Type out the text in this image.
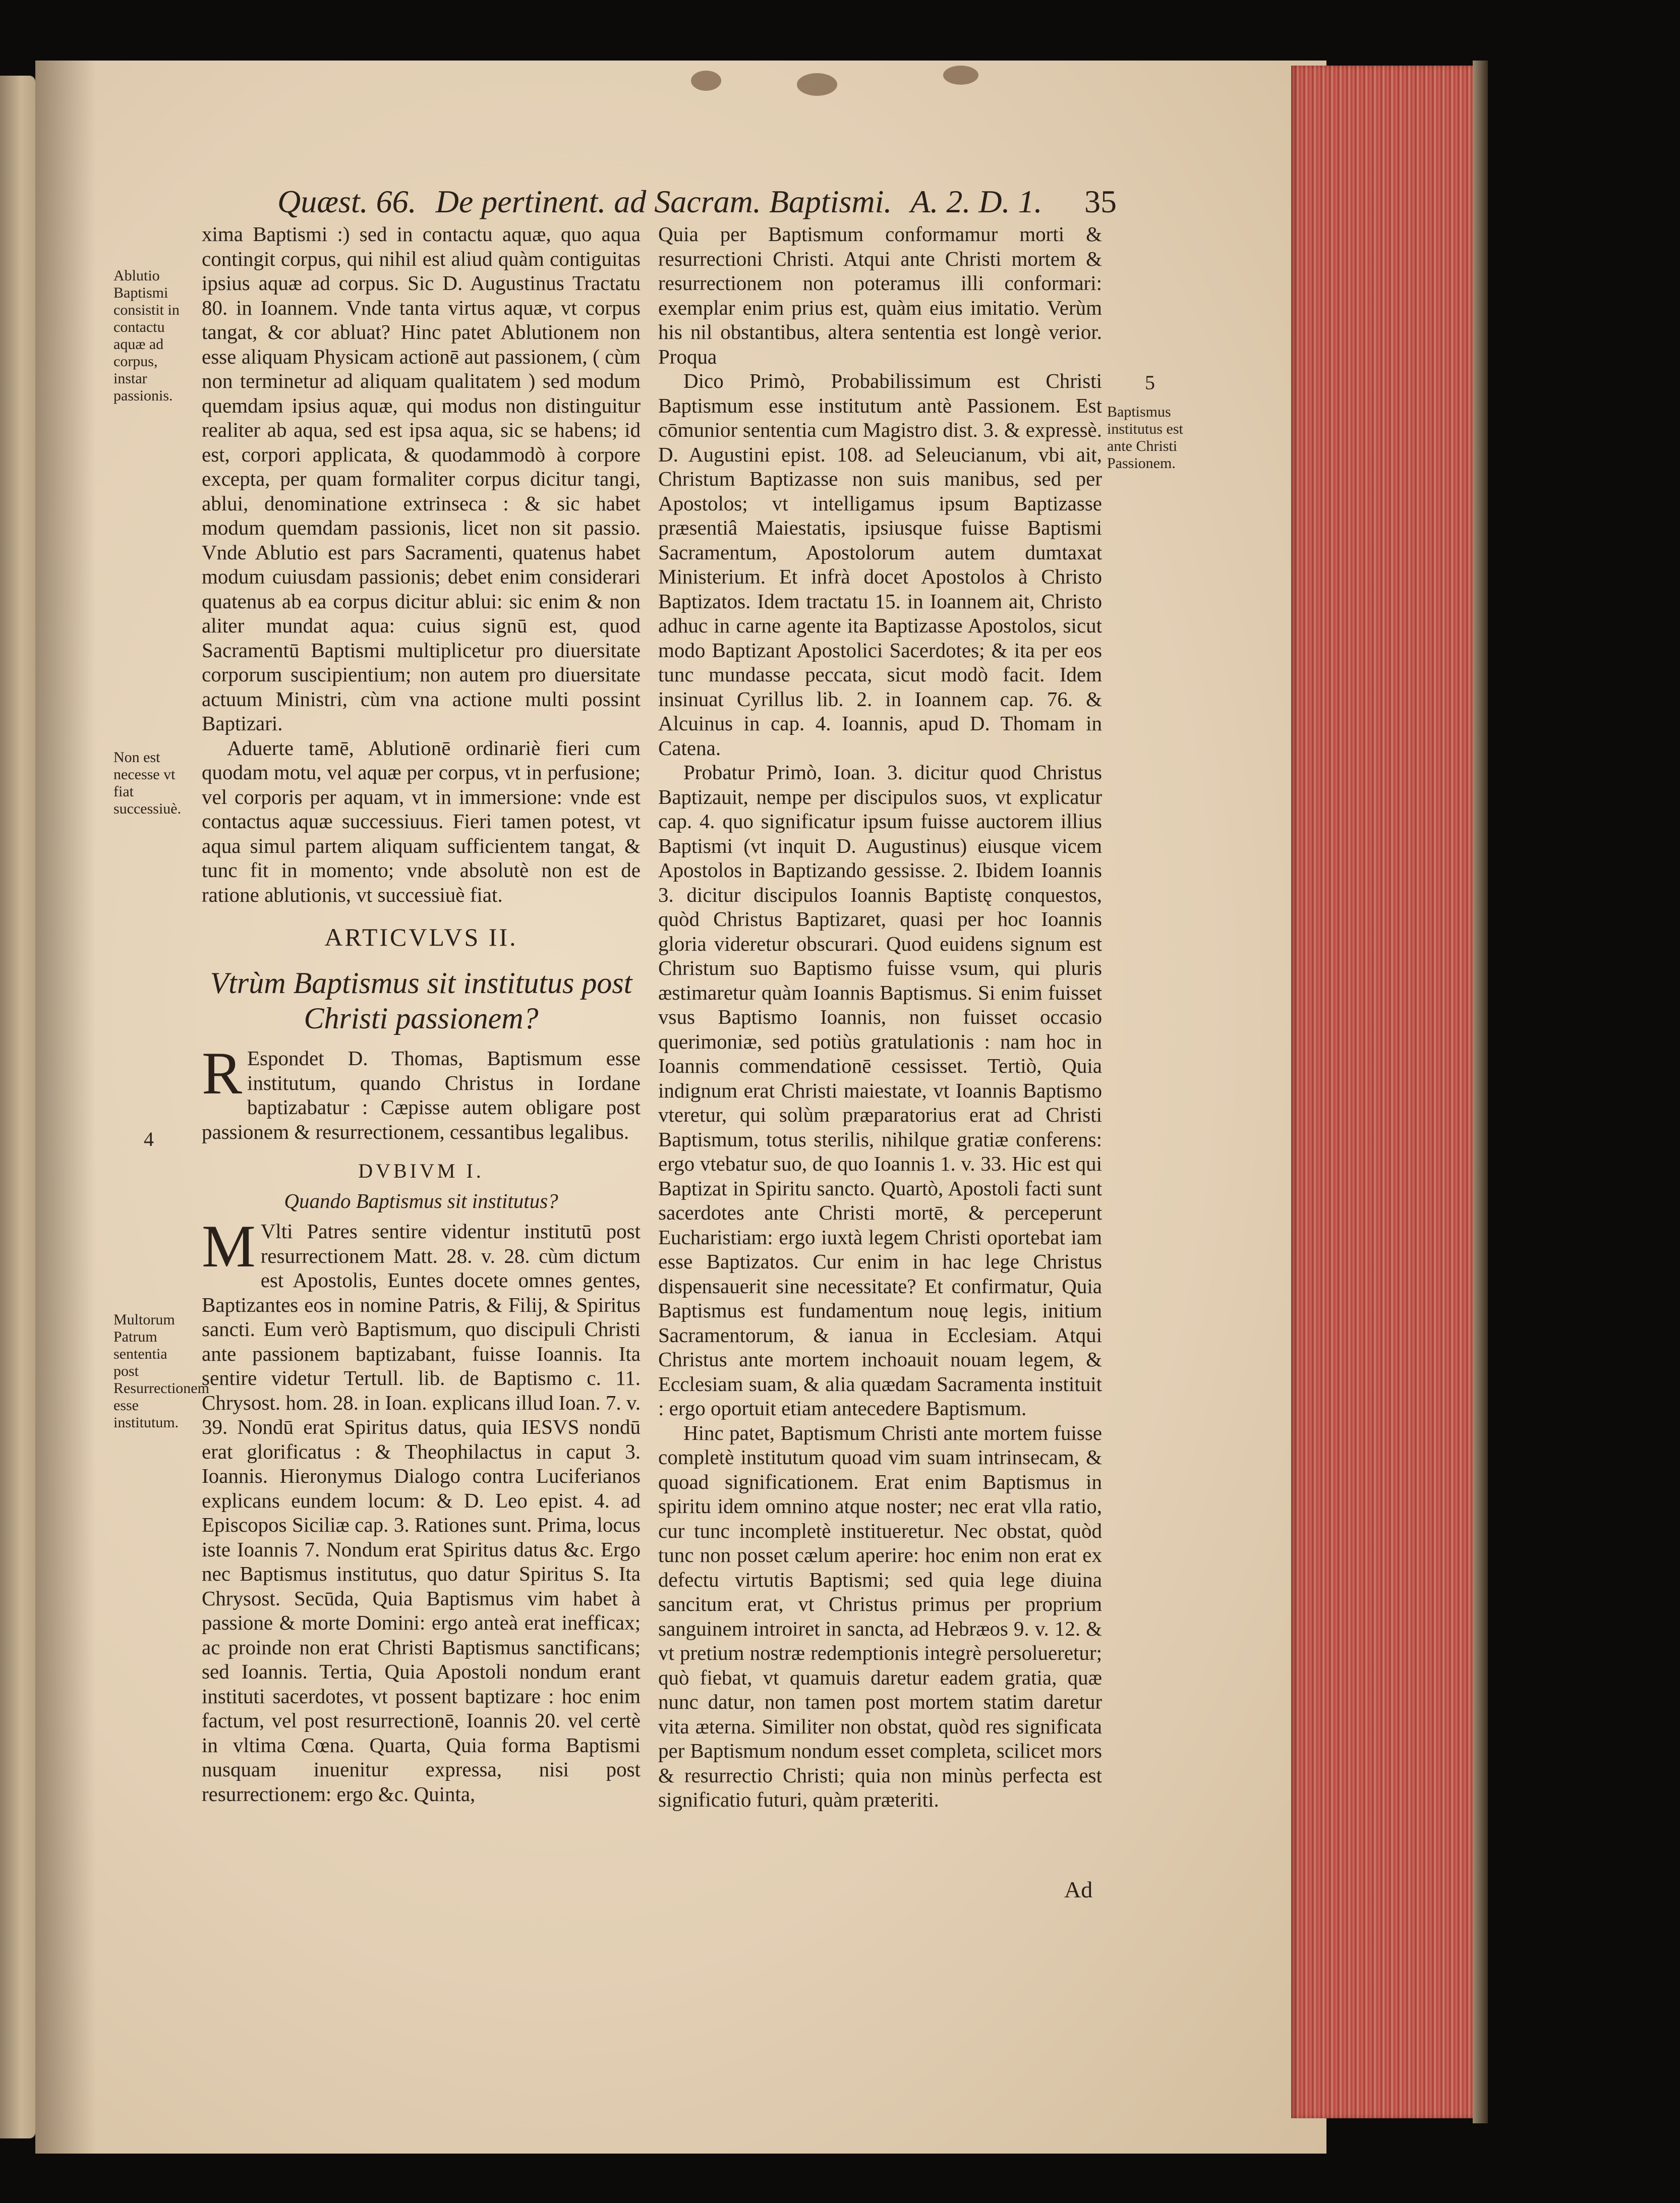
Quæst. 66. De pertinent. ad Sacram. Baptismi. A. 2. D. 1. 35
Ablutio Baptismi consistit in contactu aquæ ad corpus, instar passionis.
Non est necesse vt fiat successiuè.
Multorum Patrum sententia post Resurrectionem esse institutum.
Baptismus institutus est ante Christi Passionem.
4
5

xima Baptismi :) sed in contactu aquæ, quo aqua contingit corpus, qui nihil est aliud quàm contiguitas ipsius aquæ ad corpus. Sic D. Augustinus Tractatu 80. in Ioannem. Vnde tanta virtus aquæ, vt corpus tangat, & cor abluat? Hinc patet Ablutionem non esse aliquam Physicam actionē aut passionem, ( cùm non terminetur ad aliquam qualitatem ) sed modum quemdam ipsius aquæ, qui modus non distinguitur realiter ab aqua, sed est ipsa aqua, sic se habens; id est, corpori applicata, & quodammodò à corpore excepta, per quam formaliter corpus dicitur tangi, ablui, denominatione extrinseca : & sic habet modum quemdam passionis, licet non sit passio. Vnde Ablutio est pars Sacramenti, quatenus habet modum cuiusdam passionis; debet enim considerari quatenus ab ea corpus dicitur ablui: sic enim & non aliter mundat aqua: cuius signū est, quod Sacramentū Baptismi multiplicetur pro diuersitate corporum suscipientium; non autem pro diuersitate actuum Ministri, cùm vna actione multi possint Baptizari.

Aduerte tamē, Ablutionē ordinariè fieri cum quodam motu, vel aquæ per corpus, vt in perfusione; vel corporis per aquam, vt in immersione: vnde est contactus aquæ successiuus. Fieri tamen potest, vt aqua simul partem aliquam sufficientem tangat, & tunc fit in momento; vnde absolutè non est de ratione ablutionis, vt successiuè fiat.

ARTICVLVS II.
Vtrùm Baptismus sit institutus post Christi passionem?

R Espondet D. Thomas, Baptismum esse institutum, quando Christus in Iordane baptizabatur : Cæpisse autem obligare post passionem & resurrectionem, cessantibus legalibus.

DVBIVM I.
Quando Baptismus sit institutus?

M Vlti Patres sentire videntur institutū post resurrectionem Matt. 28. v. 28. cùm dictum est Apostolis, Euntes docete omnes gentes, Baptizantes eos in nomine Patris, & Filij, & Spiritus sancti. Eum verò Baptismum, quo discipuli Christi ante passionem baptizabant, fuisse Ioannis. Ita sentire videtur Tertull. lib. de Baptismo c. 11. Chrysost. hom. 28. in Ioan. explicans illud Ioan. 7. v. 39. Nondū erat Spiritus datus, quia IESVS nondū erat glorificatus : & Theophilactus in caput 3. Ioannis. Hieronymus Dialogo contra Luciferianos explicans eundem locum: & D. Leo epist. 4. ad Episcopos Siciliæ cap. 3. Rationes sunt. Prima, locus iste Ioannis 7. Nondum erat Spiritus datus &c. Ergo nec Baptismus institutus, quo datur Spiritus S. Ita Chrysost. Secūda, Quia Baptismus vim habet à passione & morte Domini: ergo anteà erat inefficax; ac proinde non erat Christi Baptismus sanctificans; sed Ioannis. Tertia, Quia Apostoli nondum erant instituti sacerdotes, vt possent baptizare : hoc enim factum, vel post resurrectionē, Ioannis 20. vel certè in vltima Cœna. Quarta, Quia forma Baptismi nusquam inuenitur expressa, nisi post resurrectionem: ergo &c. Quinta,

Quia per Baptismum conformamur morti & resurrectioni Christi. Atqui ante Christi mortem & resurrectionem non poteramus illi conformari: exemplar enim prius est, quàm eius imitatio. Verùm his nil obstantibus, altera sententia est longè verior. Proqua

Dico Primò, Probabilissimum est Christi Baptismum esse institutum antè Passionem. Est cōmunior sententia cum Magistro dist. 3. & expressè. D. Augustini epist. 108. ad Seleucianum, vbi ait, Christum Baptizasse non suis manibus, sed per Apostolos; vt intelligamus ipsum Baptizasse præsentiâ Maiestatis, ipsiusque fuisse Baptismi Sacramentum, Apostolorum autem dumtaxat Ministerium. Et infrà docet Apostolos à Christo Baptizatos. Idem tractatu 15. in Ioannem ait, Christo adhuc in carne agente ita Baptizasse Apostolos, sicut modo Baptizant Apostolici Sacerdotes; & ita per eos tunc mundasse peccata, sicut modò facit. Idem insinuat Cyrillus lib. 2. in Ioannem cap. 76. & Alcuinus in cap. 4. Ioannis, apud D. Thomam in Catena.

Probatur Primò, Ioan. 3. dicitur quod Christus Baptizauit, nempe per discipulos suos, vt explicatur cap. 4. quo significatur ipsum fuisse auctorem illius Baptismi (vt inquit D. Augustinus) eiusque vicem Apostolos in Baptizando gessisse. 2. Ibidem Ioannis 3. dicitur discipulos Ioannis Baptistę conquestos, quòd Christus Baptizaret, quasi per hoc Ioannis gloria videretur obscurari. Quod euidens signum est Christum suo Baptismo fuisse vsum, qui pluris æstimaretur quàm Ioannis Baptismus. Si enim fuisset vsus Baptismo Ioannis, non fuisset occasio querimoniæ, sed potiùs gratulationis : nam hoc in Ioannis commendationē cessisset. Tertiò, Quia indignum erat Christi maiestate, vt Ioannis Baptismo vteretur, qui solùm præparatorius erat ad Christi Baptismum, totus sterilis, nihilque gratiæ conferens: ergo vtebatur suo, de quo Ioannis 1. v. 33. Hic est qui Baptizat in Spiritu sancto. Quartò, Apostoli facti sunt sacerdotes ante Christi mortē, & perceperunt Eucharistiam: ergo iuxtà legem Christi oportebat iam esse Baptizatos. Cur enim in hac lege Christus dispensauerit sine necessitate? Et confirmatur, Quia Baptismus est fundamentum nouę legis, initium Sacramentorum, & ianua in Ecclesiam. Atqui Christus ante mortem inchoauit nouam legem, & Ecclesiam suam, & alia quædam Sacramenta instituit : ergo oportuit etiam antecedere Baptismum.

Hinc patet, Baptismum Christi ante mortem fuisse completè institutum quoad vim suam intrinsecam, & quoad significationem. Erat enim Baptismus in spiritu idem omnino atque noster; nec erat vlla ratio, cur tunc incompletè institueretur. Nec obstat, quòd tunc non posset cælum aperire: hoc enim non erat ex defectu virtutis Baptismi; sed quia lege diuina sancitum erat, vt Christus primus per proprium sanguinem introiret in sancta, ad Hebræos 9. v. 12. & vt pretium nostræ redemptionis integrè persolueretur; quò fiebat, vt quamuis daretur eadem gratia, quæ nunc datur, non tamen post mortem statim daretur vita æterna. Similiter non obstat, quòd res significata per Baptismum nondum esset completa, scilicet mors & resurrectio Christi; quia non minùs perfecta est significatio futuri, quàm præteriti.

Ad
